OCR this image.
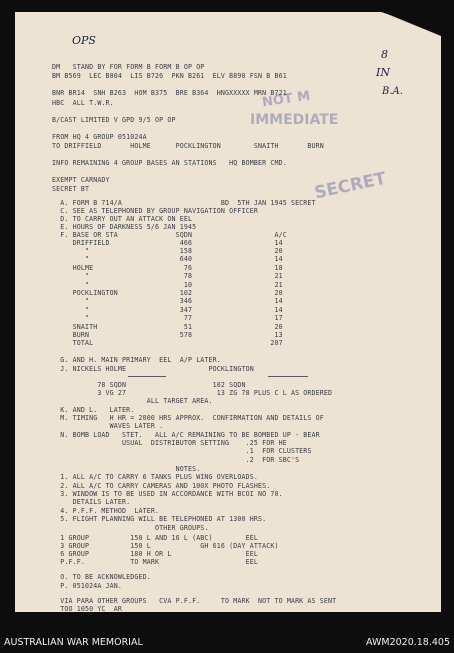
OPS
8
IN
B.A.
NOT M
IMMEDIATE
SECRET
DM   STAND BY FOR FORM B FORM B OP OP
BM B569  LEC B804  LIS B726  PKN B261  ELV B890 FSN B B61
BNR BR14  SNH B263  HOM B375  BRE B364  HNGXXXXX MRN B721
HBC  ALL T.W.R.
B/CAST LIMITED V GPD 9/5 OP OP
FROM HQ 4 GROUP 051024A
TO DRIFFIELD       HOLME      POCKLINGTON        SNAITH       BURN
INFO REMAINING 4 GROUP BASES AN STATIONS   HQ BOMBER CMD.
EXEMPT CARNADY
SECRET BT
A. FORM B 714/A                        BD  5TH JAN 1945 SECRET
C. SEE AS TELEPHONED BY GROUP NAVIGATION OFFICER
D. TO CARRY OUT AN ATTACK ON EEL
E. HOURS OF DARKNESS 5/6 JAN 1945
F. BASE OR STA              SQDN                    A/C
DRIFFIELD                 466                    14
"                      158                    20
"                      640                    14
HOLME                      76                    18
"                       78                    21
"                       10                    21
POCKLINGTON               102                    20
"                      346                    14
"                      347                    14
"                       77                    17
SNAITH                     51                    20
BURN                      578                    13
TOTAL                                           207
G. AND H. MAIN PRIMARY  EEL  A/P LATER.
J. NICKELS HOLME                    POCKLINGTON
78 SQDN                     102 SQDN
3 VG 27                      13 ZG 78 PLUS C L AS ORDERED
ALL TARGET AREA.
K. AND L.   LATER.
M. TIMING   H HR = 2000 HRS APPROX.  CONFIRMATION AND DETAILS OF
WAVES LATER .
N. BOMB LOAD   STET.   ALL A/C REMAINING TO BE BOMBED UP - BEAR
USUAL  DISTRIBUTOR SETTING    .25 FOR HE
.1  FOR CLUSTERS
.2  FOR SBC'S
NOTES.
1. ALL A/C TO CARRY 6 TANKS PLUS WING OVERLOADS.
2. ALL A/C TO CARRY CAMERAS AND 100X PHOTO FLASHES.
3. WINDOW IS TO BE USED IN ACCORDANCE WITH BCOI NO 70.
DETAILS LATER.
4. P.F.F. METHOD  LATER.
5. FLIGHT PLANNING WILL BE TELEPHONED AT 1300 HRS.
OTHER GROUPS.
1 GROUP          150 L AND 16 L (ABC)        EEL
3 GROUP          150 L            GH 616 (DAY ATTACK)
6 GROUP          180 H OR L                  EEL
P.F.F.           TO MARK                     EEL
O. TO BE ACKNOWLEDGED.
P. 051024A JAN.
VIA PARA OTHER GROUPS   CVA P.F.F.     TO MARK  NOT TO MARK AS SENT
TOO 1050 YC  AR
AUSTRALIAN WAR MEMORIAL	AWM2020.18.405
